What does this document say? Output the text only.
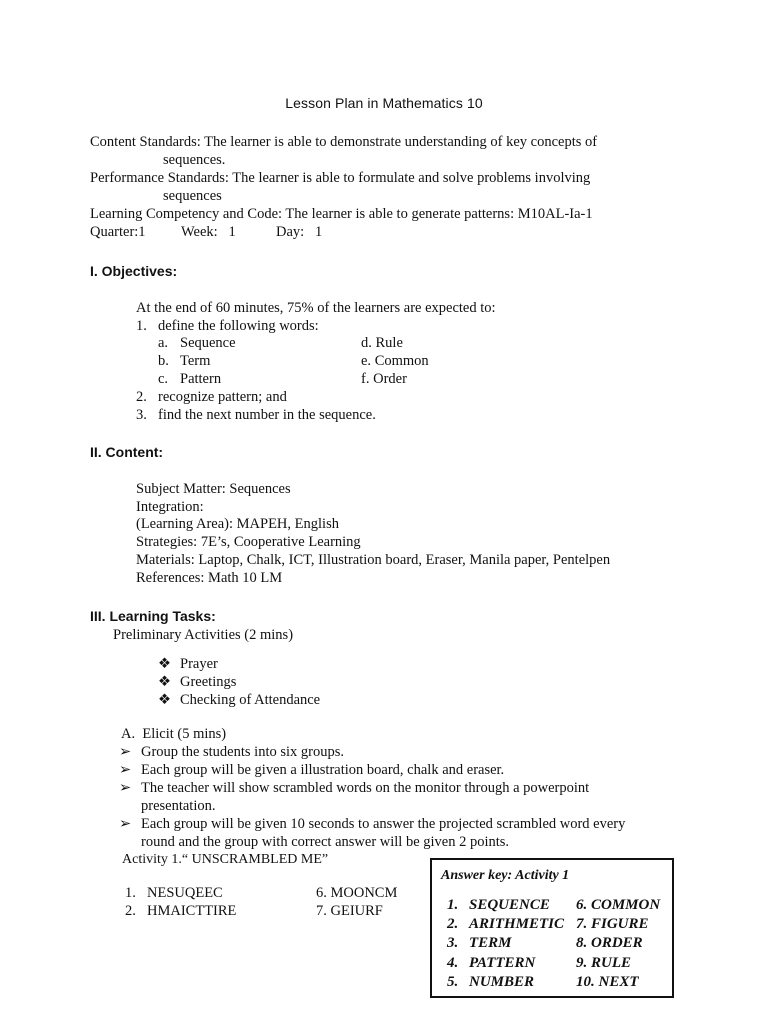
Lesson Plan in Mathematics 10
Content Standards: The learner is able to demonstrate understanding of key concepts of
sequences.
Performance Standards: The learner is able to formulate and solve problems involving
sequences
Learning Competency and Code: The learner is able to generate patterns: M10AL-Ia-1
Quarter:1 Week:   1	Day:   1
I. Objectives:
At the end of 60 minutes, 75% of the learners are expected to:
1. define the following words:
a. Sequence
b. Term
c. Pattern
d. Rule
e. Common
f. Order
2. recognize pattern; and
3. find the next number in the sequence.
II. Content:
Subject Matter: Sequences
Integration:
(Learning Area): MAPEH, English
Strategies: 7E’s, Cooperative Learning
Materials: Laptop, Chalk, ICT, Illustration board, Eraser, Manila paper, Pentelpen
References: Math 10 LM
III. Learning Tasks:
Preliminary Activities (2 mins)
❖ Prayer
❖ Greetings
❖ Checking of Attendance
A.  Elicit (5 mins)
➢ Group the students into six groups.
➢ Each group will be given a illustration board, chalk and eraser.
➢ The teacher will show scrambled words on the monitor through a powerpoint
presentation.
➢ Each group will be given 10 seconds to answer the projected scrambled word every
round and the group with correct answer will be given 2 points.
Activity 1.“ UNSCRAMBLED ME”
1. NESUQEEC
2. HMAICTTIRE
6. MOONCM
7. GEIURF
Answer key: Activity 1
1. SEQUENCE
2. ARITHMETIC
3. TERM
4. PATTERN
5. NUMBER
6. COMMON
7. FIGURE
8. ORDER
9. RULE
10. NEXT
